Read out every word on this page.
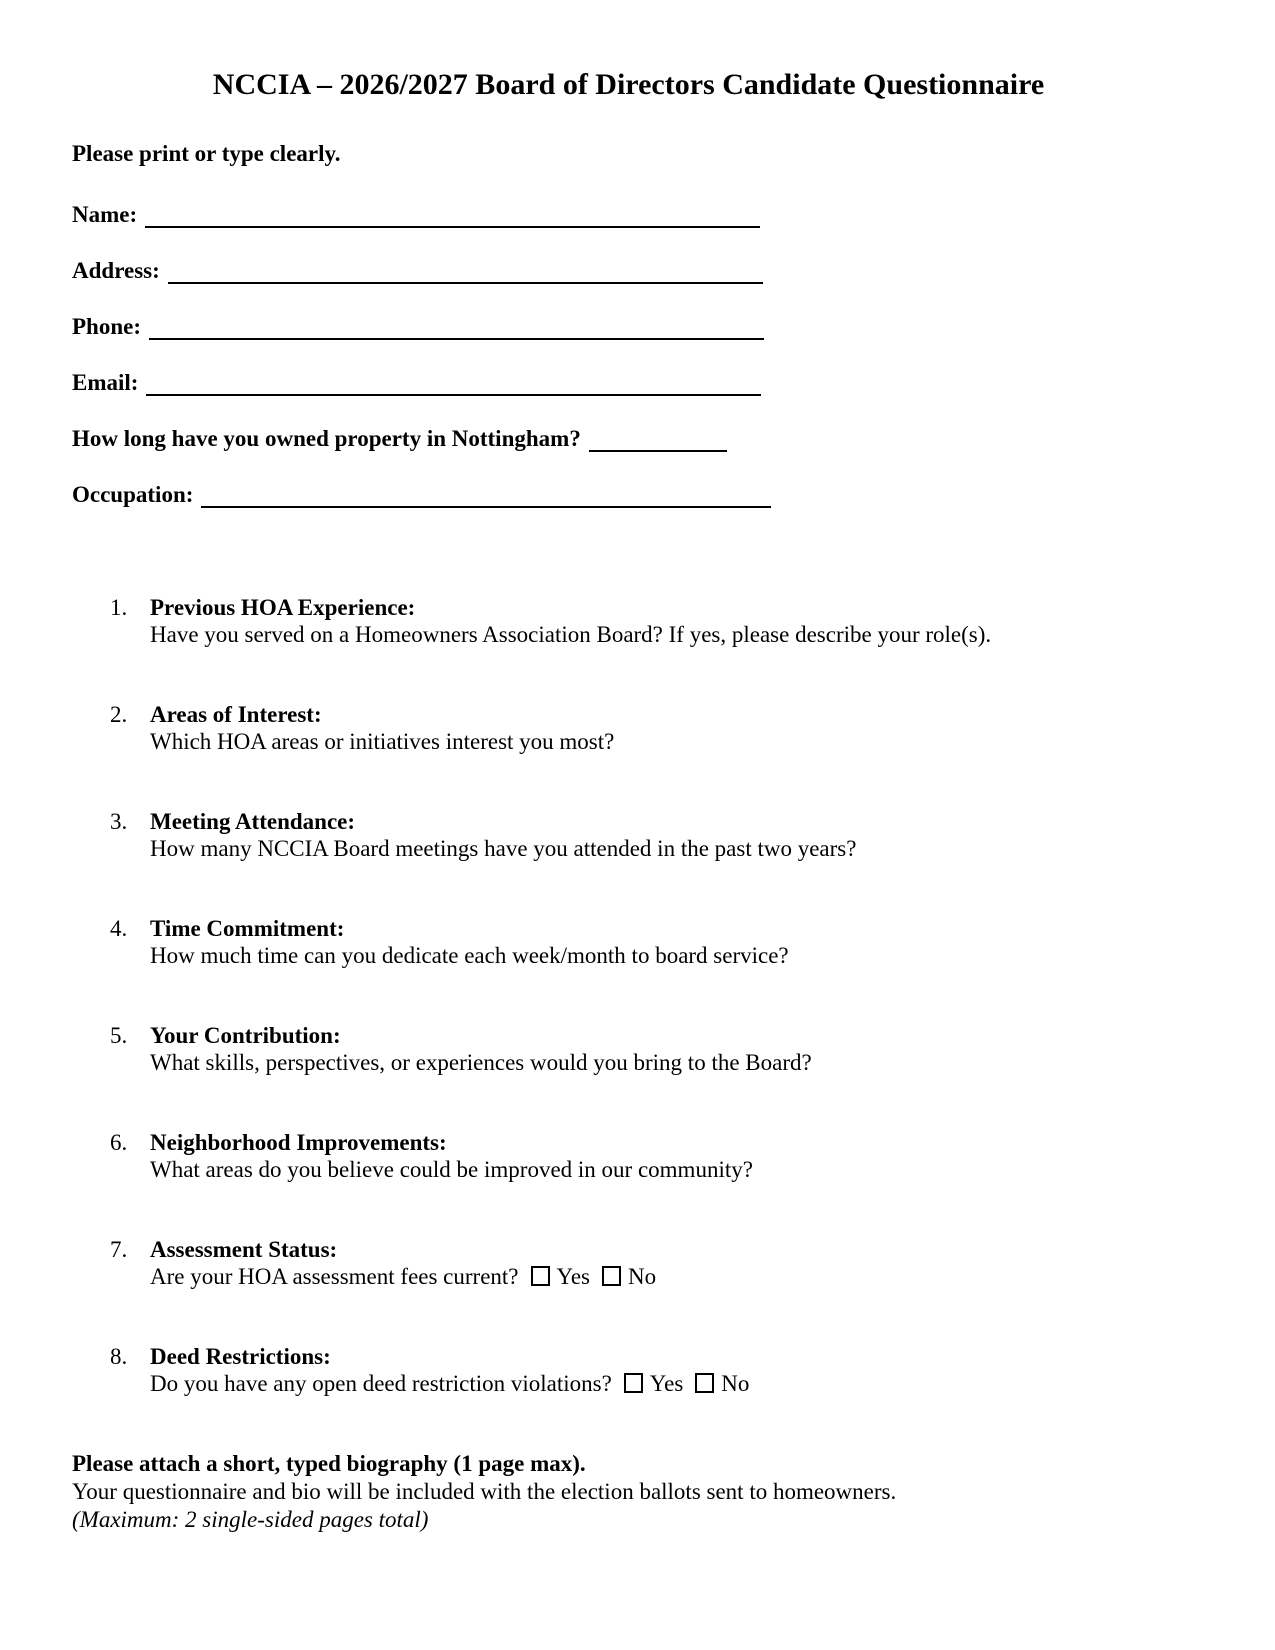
NCCIA – 2026/2027 Board of Directors Candidate Questionnaire

Please print or type clearly.

Name:
Address:
Phone:
Email:
How long have you owned property in Nottingham?
Occupation:
1. Previous HOA Experience:
Have you served on a Homeowners Association Board? If yes, please describe your role(s).
2. Areas of Interest:
Which HOA areas or initiatives interest you most?
3. Meeting Attendance:
How many NCCIA Board meetings have you attended in the past two years?
4. Time Commitment:
How much time can you dedicate each week/month to board service?
5. Your Contribution:
What skills, perspectives, or experiences would you bring to the Board?
6. Neighborhood Improvements:
What areas do you believe could be improved in our community?
7. Assessment Status:
Are your HOA assessment fees current? Yes No
8. Deed Restrictions:
Do you have any open deed restriction violations? Yes No
Please attach a short, typed biography (1 page max).
Your questionnaire and bio will be included with the election ballots sent to homeowners.
(Maximum: 2 single-sided pages total)
